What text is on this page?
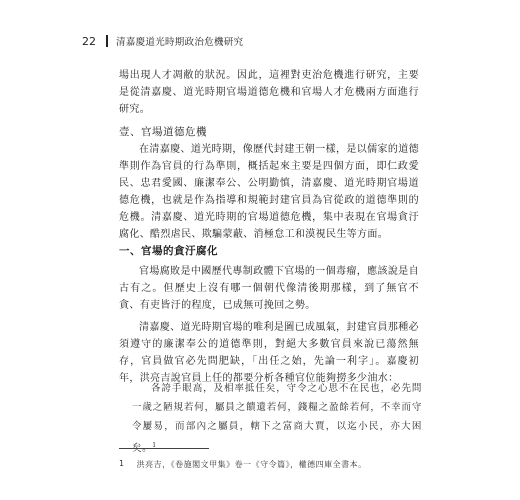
22 清嘉慶道光時期政治危機研究

場出現人才凋敝的狀況。因此，這裡對吏治危機進行研究，主要是從清嘉慶、道光時期官場道德危機和官場人才危機兩方面進行研究。

壹、官場道德危機

在清嘉慶、道光時期，像歷代封建王朝一樣，是以儒家的道德準則作為官員的行為準則，概括起來主要是四個方面，即仁政愛民、忠君愛國、廉潔奉公、公明勤慎，清嘉慶、道光時期官場道德危機，也就是作為指導和規範封建官員為官從政的道德準則的危機。清嘉慶、道光時期的官場道德危機，集中表現在官場貪汙腐化、酷烈虐民、欺騙蒙蔽、消極怠工和漠視民生等方面。

一、官場的貪汙腐化

官場腐敗是中國歷代專制政體下官場的一個毒瘤，應該說是自古有之。但歷史上沒有哪一個朝代像清後期那樣，到了無官不貪、有吏皆汙的程度，已成無可挽回之勢。

清嘉慶、道光時期官場的唯利是圖已成風氣，封建官員那種必須遵守的廉潔奉公的道德準則，對絕大多數官員來說已蕩然無存，官員做官必先問肥缺，「出任之始，先論一利字」。嘉慶初年，洪亮吉說官員上任的都要分析各種官位能夠撈多少油水：

各誇手眼高，及相率抵任矣，守令之心思不在民也，必先問一歲之陋規若何，屬員之饋遺若何，錢糧之盈餘若何，不幸而守令屢易，而部內之屬員，轄下之富商大賈，以迄小民，亦大困矣。$^1$

1 洪亮吉，《卷施閣文甲集》卷一《守令篇》，權德四庫全書本。
